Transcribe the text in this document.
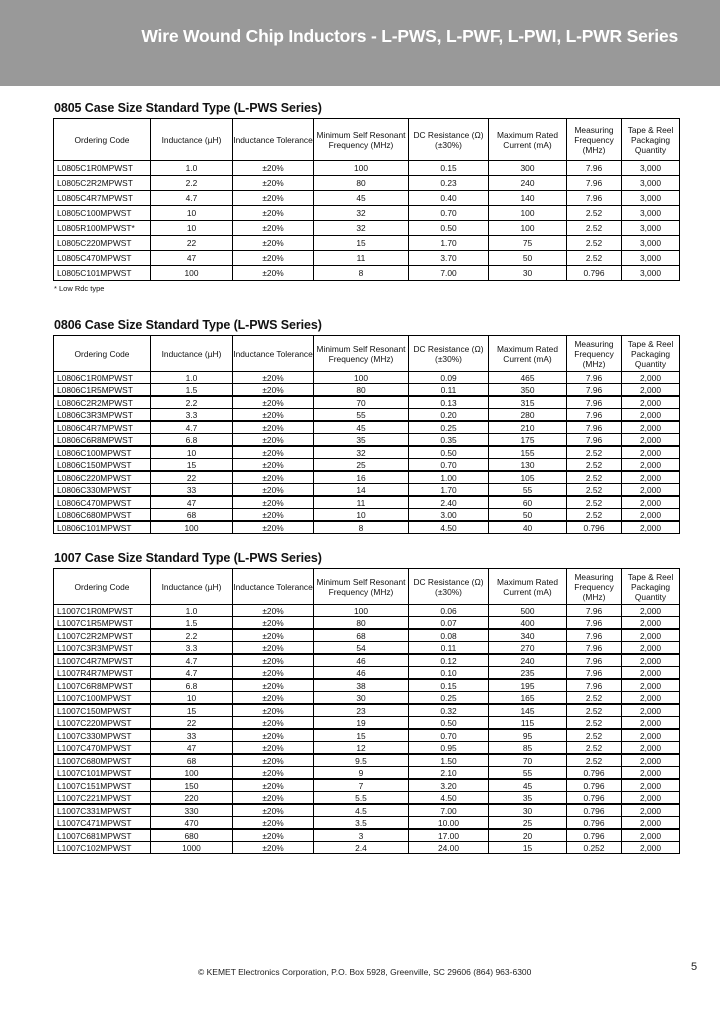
Wire Wound Chip Inductors - L-PWS, L-PWF, L-PWI, L-PWR Series
0805 Case Size Standard Type (L-PWS Series)
Ordering Code	Inductance (µH)	Inductance Tolerance	Minimum Self Resonant Frequency (MHz)	DC Resistance (Ω) (±30%)	Maximum Rated Current (mA)	Measuring Frequency (MHz)	Tape & Reel Packaging Quantity
L0805C1R0MPWST	1.0	±20%	100	0.15	300	7.96	3,000
L0805C2R2MPWST	2.2	±20%	80	0.23	240	7.96	3,000
L0805C4R7MPWST	4.7	±20%	45	0.40	140	7.96	3,000
L0805C100MPWST	10	±20%	32	0.70	100	2.52	3,000
L0805R100MPWST*	10	±20%	32	0.50	100	2.52	3,000
L0805C220MPWST	22	±20%	15	1.70	75	2.52	3,000
L0805C470MPWST	47	±20%	11	3.70	50	2.52	3,000
L0805C101MPWST	100	±20%	8	7.00	30	0.796	3,000
* Low Rdc type
0806 Case Size Standard Type (L-PWS Series)
Ordering Code	Inductance (µH)	Inductance Tolerance	Minimum Self Resonant Frequency (MHz)	DC Resistance (Ω) (±30%)	Maximum Rated Current (mA)	Measuring Frequency (MHz)	Tape & Reel Packaging Quantity
L0806C1R0MPWST	1.0	±20%	100	0.09	465	7.96	2,000
L0806C1R5MPWST	1.5	±20%	80	0.11	350	7.96	2,000
L0806C2R2MPWST	2.2	±20%	70	0.13	315	7.96	2,000
L0806C3R3MPWST	3.3	±20%	55	0.20	280	7.96	2,000
L0806C4R7MPWST	4.7	±20%	45	0.25	210	7.96	2,000
L0806C6R8MPWST	6.8	±20%	35	0.35	175	7.96	2,000
L0806C100MPWST	10	±20%	32	0.50	155	2.52	2,000
L0806C150MPWST	15	±20%	25	0.70	130	2.52	2,000
L0806C220MPWST	22	±20%	16	1.00	105	2.52	2,000
L0806C330MPWST	33	±20%	14	1.70	55	2.52	2,000
L0806C470MPWST	47	±20%	11	2.40	60	2.52	2,000
L0806C680MPWST	68	±20%	10	3.00	50	2.52	2,000
L0806C101MPWST	100	±20%	8	4.50	40	0.796	2,000
1007 Case Size Standard Type (L-PWS Series)
Ordering Code	Inductance (µH)	Inductance Tolerance	Minimum Self Resonant Frequency (MHz)	DC Resistance (Ω) (±30%)	Maximum Rated Current (mA)	Measuring Frequency (MHz)	Tape & Reel Packaging Quantity
L1007C1R0MPWST	1.0	±20%	100	0.06	500	7.96	2,000
L1007C1R5MPWST	1.5	±20%	80	0.07	400	7.96	2,000
L1007C2R2MPWST	2.2	±20%	68	0.08	340	7.96	2,000
L1007C3R3MPWST	3.3	±20%	54	0.11	270	7.96	2,000
L1007C4R7MPWST	4.7	±20%	46	0.12	240	7.96	2,000
L1007R4R7MPWST	4.7	±20%	46	0.10	235	7.96	2,000
L1007C6R8MPWST	6.8	±20%	38	0.15	195	7.96	2,000
L1007C100MPWST	10	±20%	30	0.25	165	2.52	2,000
L1007C150MPWST	15	±20%	23	0.32	145	2.52	2,000
L1007C220MPWST	22	±20%	19	0.50	115	2.52	2,000
L1007C330MPWST	33	±20%	15	0.70	95	2.52	2,000
L1007C470MPWST	47	±20%	12	0.95	85	2.52	2,000
L1007C680MPWST	68	±20%	9.5	1.50	70	2.52	2,000
L1007C101MPWST	100	±20%	9	2.10	55	0.796	2,000
L1007C151MPWST	150	±20%	7	3.20	45	0.796	2,000
L1007C221MPWST	220	±20%	5.5	4.50	35	0.796	2,000
L1007C331MPWST	330	±20%	4.5	7.00	30	0.796	2,000
L1007C471MPWST	470	±20%	3.5	10.00	25	0.796	2,000
L1007C681MPWST	680	±20%	3	17.00	20	0.796	2,000
L1007C102MPWST	1000	±20%	2.4	24.00	15	0.252	2,000
© KEMET Electronics Corporation, P.O. Box 5928, Greenville, SC 29606 (864) 963-6300	5
